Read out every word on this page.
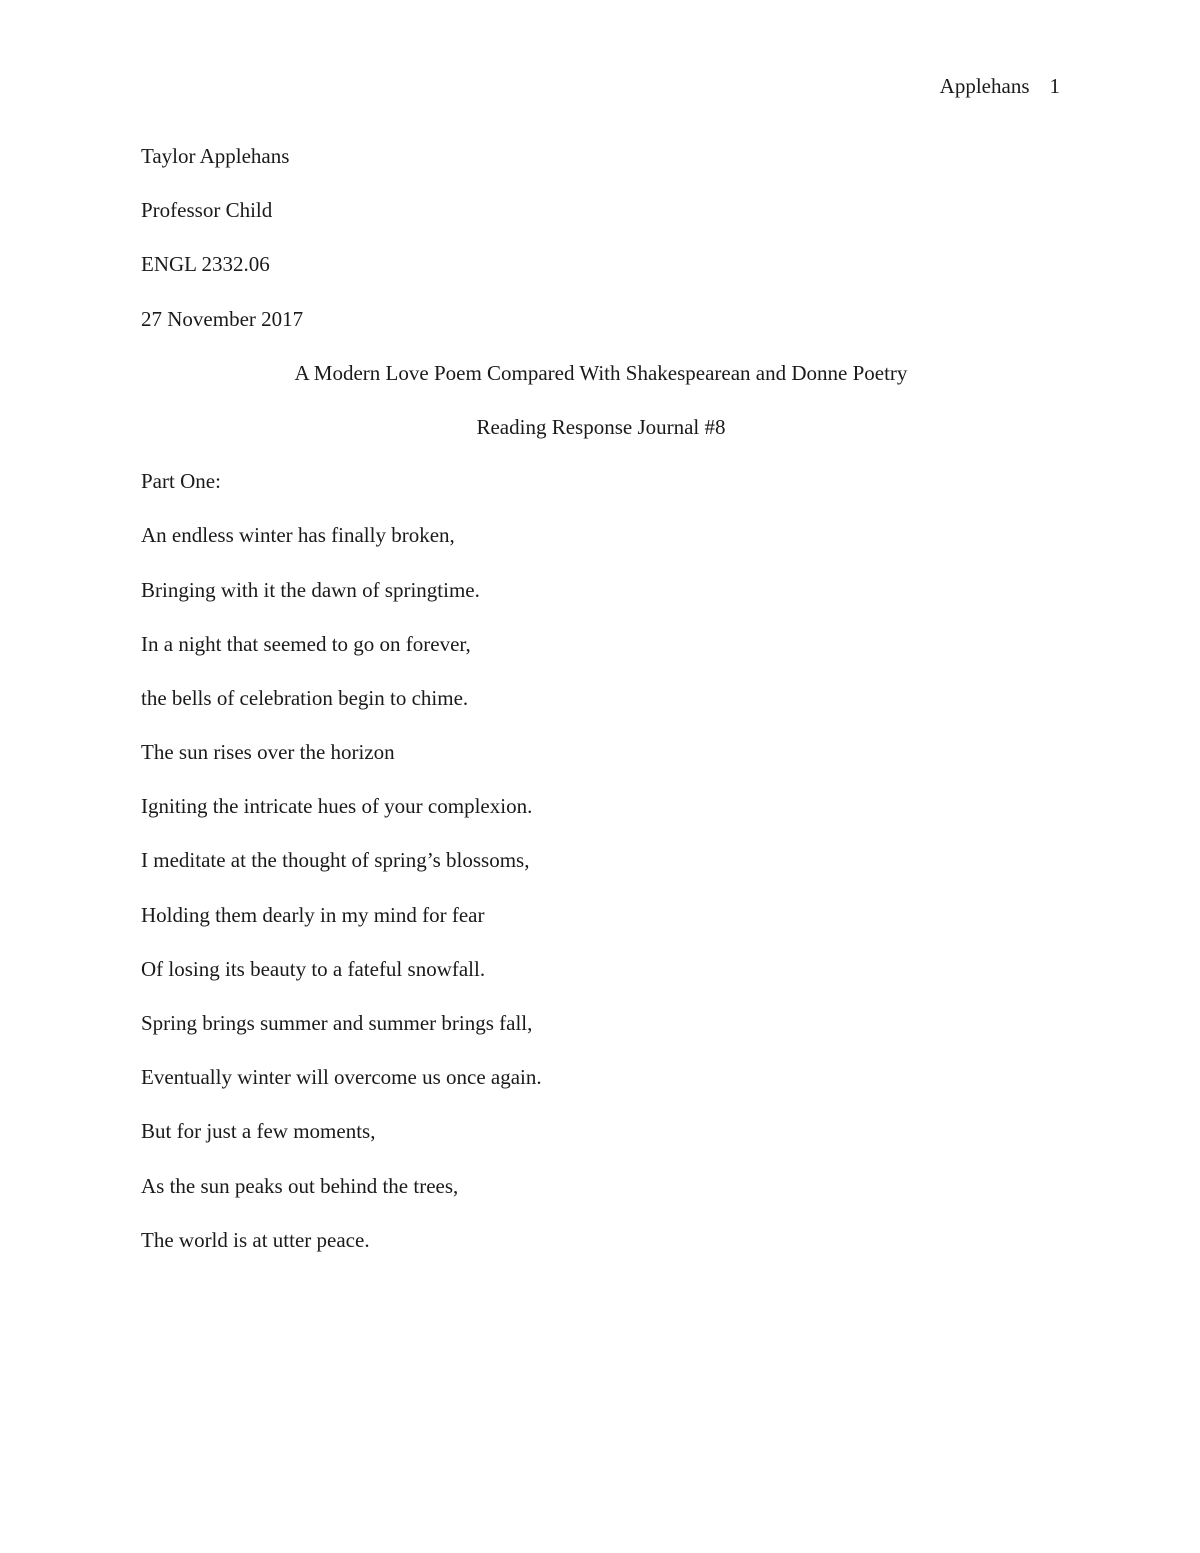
Applehans 1
Taylor Applehans
Professor Child
ENGL 2332.06
27 November 2017
A Modern Love Poem Compared With Shakespearean and Donne Poetry
Reading Response Journal #8
Part One:
An endless winter has finally broken,
Bringing with it the dawn of springtime.
In a night that seemed to go on forever,
the bells of celebration begin to chime.
The sun rises over the horizon
Igniting the intricate hues of your complexion.
I meditate at the thought of spring’s blossoms,
Holding them dearly in my mind for fear
Of losing its beauty to a fateful snowfall.
Spring brings summer and summer brings fall,
Eventually winter will overcome us once again.
But for just a few moments,
As the sun peaks out behind the trees,
The world is at utter peace.
